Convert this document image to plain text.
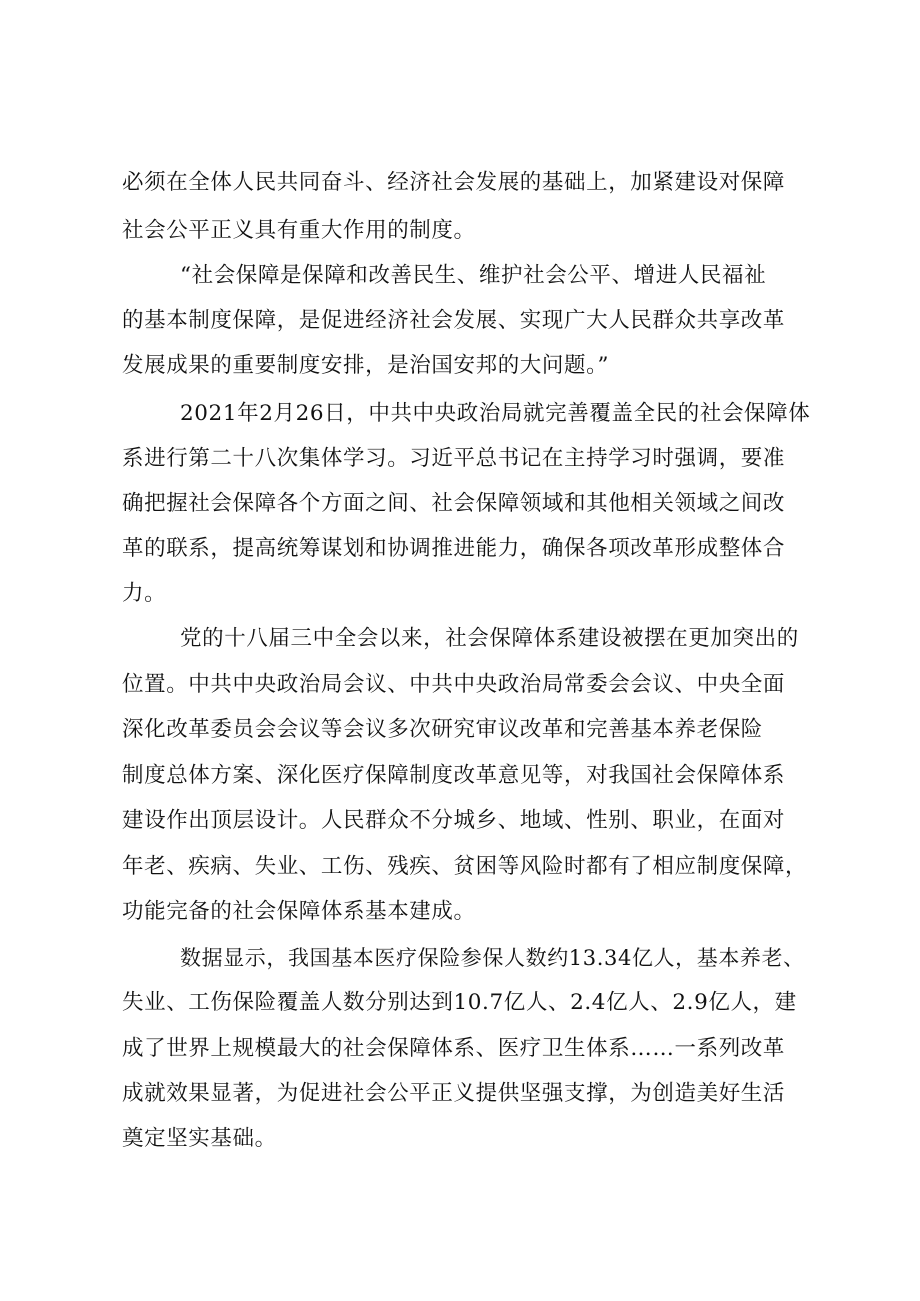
必须在全体人民共同奋斗、经济社会发展的基础上，加紧建设对保障
社会公平正义具有重大作用的制度。
“社会保障是保障和改善民生、维护社会公平、增进人民福祉
的基本制度保障，是促进经济社会发展、实现广大人民群众共享改革
发展成果的重要制度安排，是治国安邦的大问题。”
2021年2月26日，中共中央政治局就完善覆盖全民的社会保障体
系进行第二十八次集体学习。习近平总书记在主持学习时强调，要准
确把握社会保障各个方面之间、社会保障领域和其他相关领域之间改
革的联系，提高统筹谋划和协调推进能力，确保各项改革形成整体合
力。
党的十八届三中全会以来，社会保障体系建设被摆在更加突出的
位置。中共中央政治局会议、中共中央政治局常委会会议、中央全面
深化改革委员会会议等会议多次研究审议改革和完善基本养老保险
制度总体方案、深化医疗保障制度改革意见等，对我国社会保障体系
建设作出顶层设计。人民群众不分城乡、地域、性别、职业，在面对
年老、疾病、失业、工伤、残疾、贫困等风险时都有了相应制度保障，
功能完备的社会保障体系基本建成。
数据显示，我国基本医疗保险参保人数约13.34亿人，基本养老、
失业、工伤保险覆盖人数分别达到10.7亿人、2.4亿人、2.9亿人，建
成了世界上规模最大的社会保障体系、医疗卫生体系……一系列改革
成就效果显著，为促进社会公平正义提供坚强支撑，为创造美好生活
奠定坚实基础。
